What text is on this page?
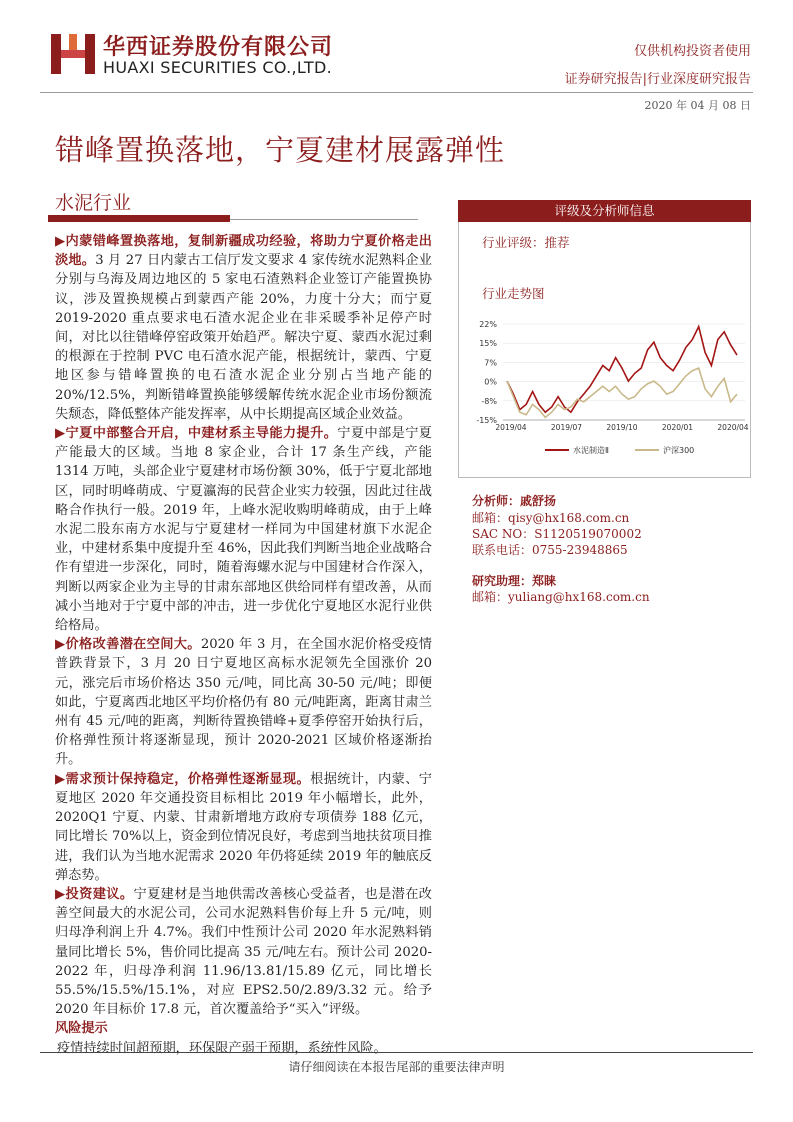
华西证券股份有限公司
HUAXI SECURITIES CO.,LTD.
仅供机构投资者使用
证券研究报告|行业深度研究报告
2020 年 04 月 08 日
错峰置换落地，宁夏建材展露弹性
水泥行业

▶内蒙错峰置换落地，复制新疆成功经验，将助力宁夏价格走出淡地。3 月 27 日内蒙古工信厅发文要求 4 家传统水泥熟料企业分别与乌海及周边地区的 5 家电石渣熟料企业签订产能置换协议，涉及置换规模占到蒙西产能 20%，力度十分大；而宁夏 2019-2020 重点要求电石渣水泥企业在非采暖季补足停产时间，对比以往错峰停窑政策开始趋严。解决宁夏、蒙西水泥过剩的根源在于控制 PVC 电石渣水泥产能，根据统计，蒙西、宁夏地区参与错峰置换的电石渣水泥企业分别占当地产能的 20%/12.5%，判断错峰置换能够缓解传统水泥企业市场份额流失颓态，降低整体产能发挥率，从中长期提高区域企业效益。

▶宁夏中部整合开启，中建材系主导能力提升。宁夏中部是宁夏产能最大的区域。当地 8 家企业，合计 17 条生产线，产能 1314 万吨，头部企业宁夏建材市场份额 30%，低于宁夏北部地区，同时明峰萌成、宁夏瀛海的民营企业实力较强，因此过往战略合作执行一般。2019 年，上峰水泥收购明峰萌成，由于上峰水泥二股东南方水泥与宁夏建材一样同为中国建材旗下水泥企业，中建材系集中度提升至 46%，因此我们判断当地企业战略合作有望进一步深化，同时，随着海螺水泥与中国建材合作深入，判断以两家企业为主导的甘肃东部地区供给同样有望改善，从而减小当地对于宁夏中部的冲击，进一步优化宁夏地区水泥行业供给格局。

▶价格改善潜在空间大。2020 年 3 月，在全国水泥价格受疫情普跌背景下，3 月 20 日宁夏地区高标水泥领先全国涨价 20 元，涨完后市场价格达 350 元/吨，同比高 30-50 元/吨；即便如此，宁夏离西北地区平均价格仍有 80 元/吨距离，距离甘肃兰州有 45 元/吨的距离，判断待置换错峰+夏季停窑开始执行后，价格弹性预计将逐渐显现，预计 2020-2021 区域价格逐渐抬升。

▶需求预计保持稳定，价格弹性逐渐显现。根据统计，内蒙、宁夏地区 2020 年交通投资目标相比 2019 年小幅增长，此外，2020Q1 宁夏、内蒙、甘肃新增地方政府专项债券 188 亿元，同比增长 70%以上，资金到位情况良好，考虑到当地扶贫项目推进，我们认为当地水泥需求 2020 年仍将延续 2019 年的触底反弹态势。

▶投资建议。宁夏建材是当地供需改善核心受益者，也是潜在改善空间最大的水泥公司，公司水泥熟料售价每上升 5 元/吨，则归母净利润上升 4.7%。我们中性预计公司 2020 年水泥熟料销量同比增长 5%，售价同比提高 35 元/吨左右。预计公司 2020-2022 年，归母净利润 11.96/13.81/15.89 亿元，同比增长 55.5%/15.5%/15.1%，对应 EPS2.50/2.89/3.32 元。给予 2020 年目标价 17.8 元，首次覆盖给予“买入”评级。

风险提示

疫情持续时间超预期，环保限产弱于预期，系统性风险。

评级及分析师信息
行业评级：推荐
行业走势图
22%
15%
7%
0%
-8%
-15%
2019/04	2019/07	2019/10	2020/01	2020/04
水泥制造Ⅱ	沪深300
分析师：戚舒扬
邮箱：qisy@hx168.com.cn
SAC NO：S1120519070002
联系电话：0755-23948865
研究助理：郑睐
邮箱：yuliang@hx168.com.cn
请仔细阅读在本报告尾部的重要法律声明
